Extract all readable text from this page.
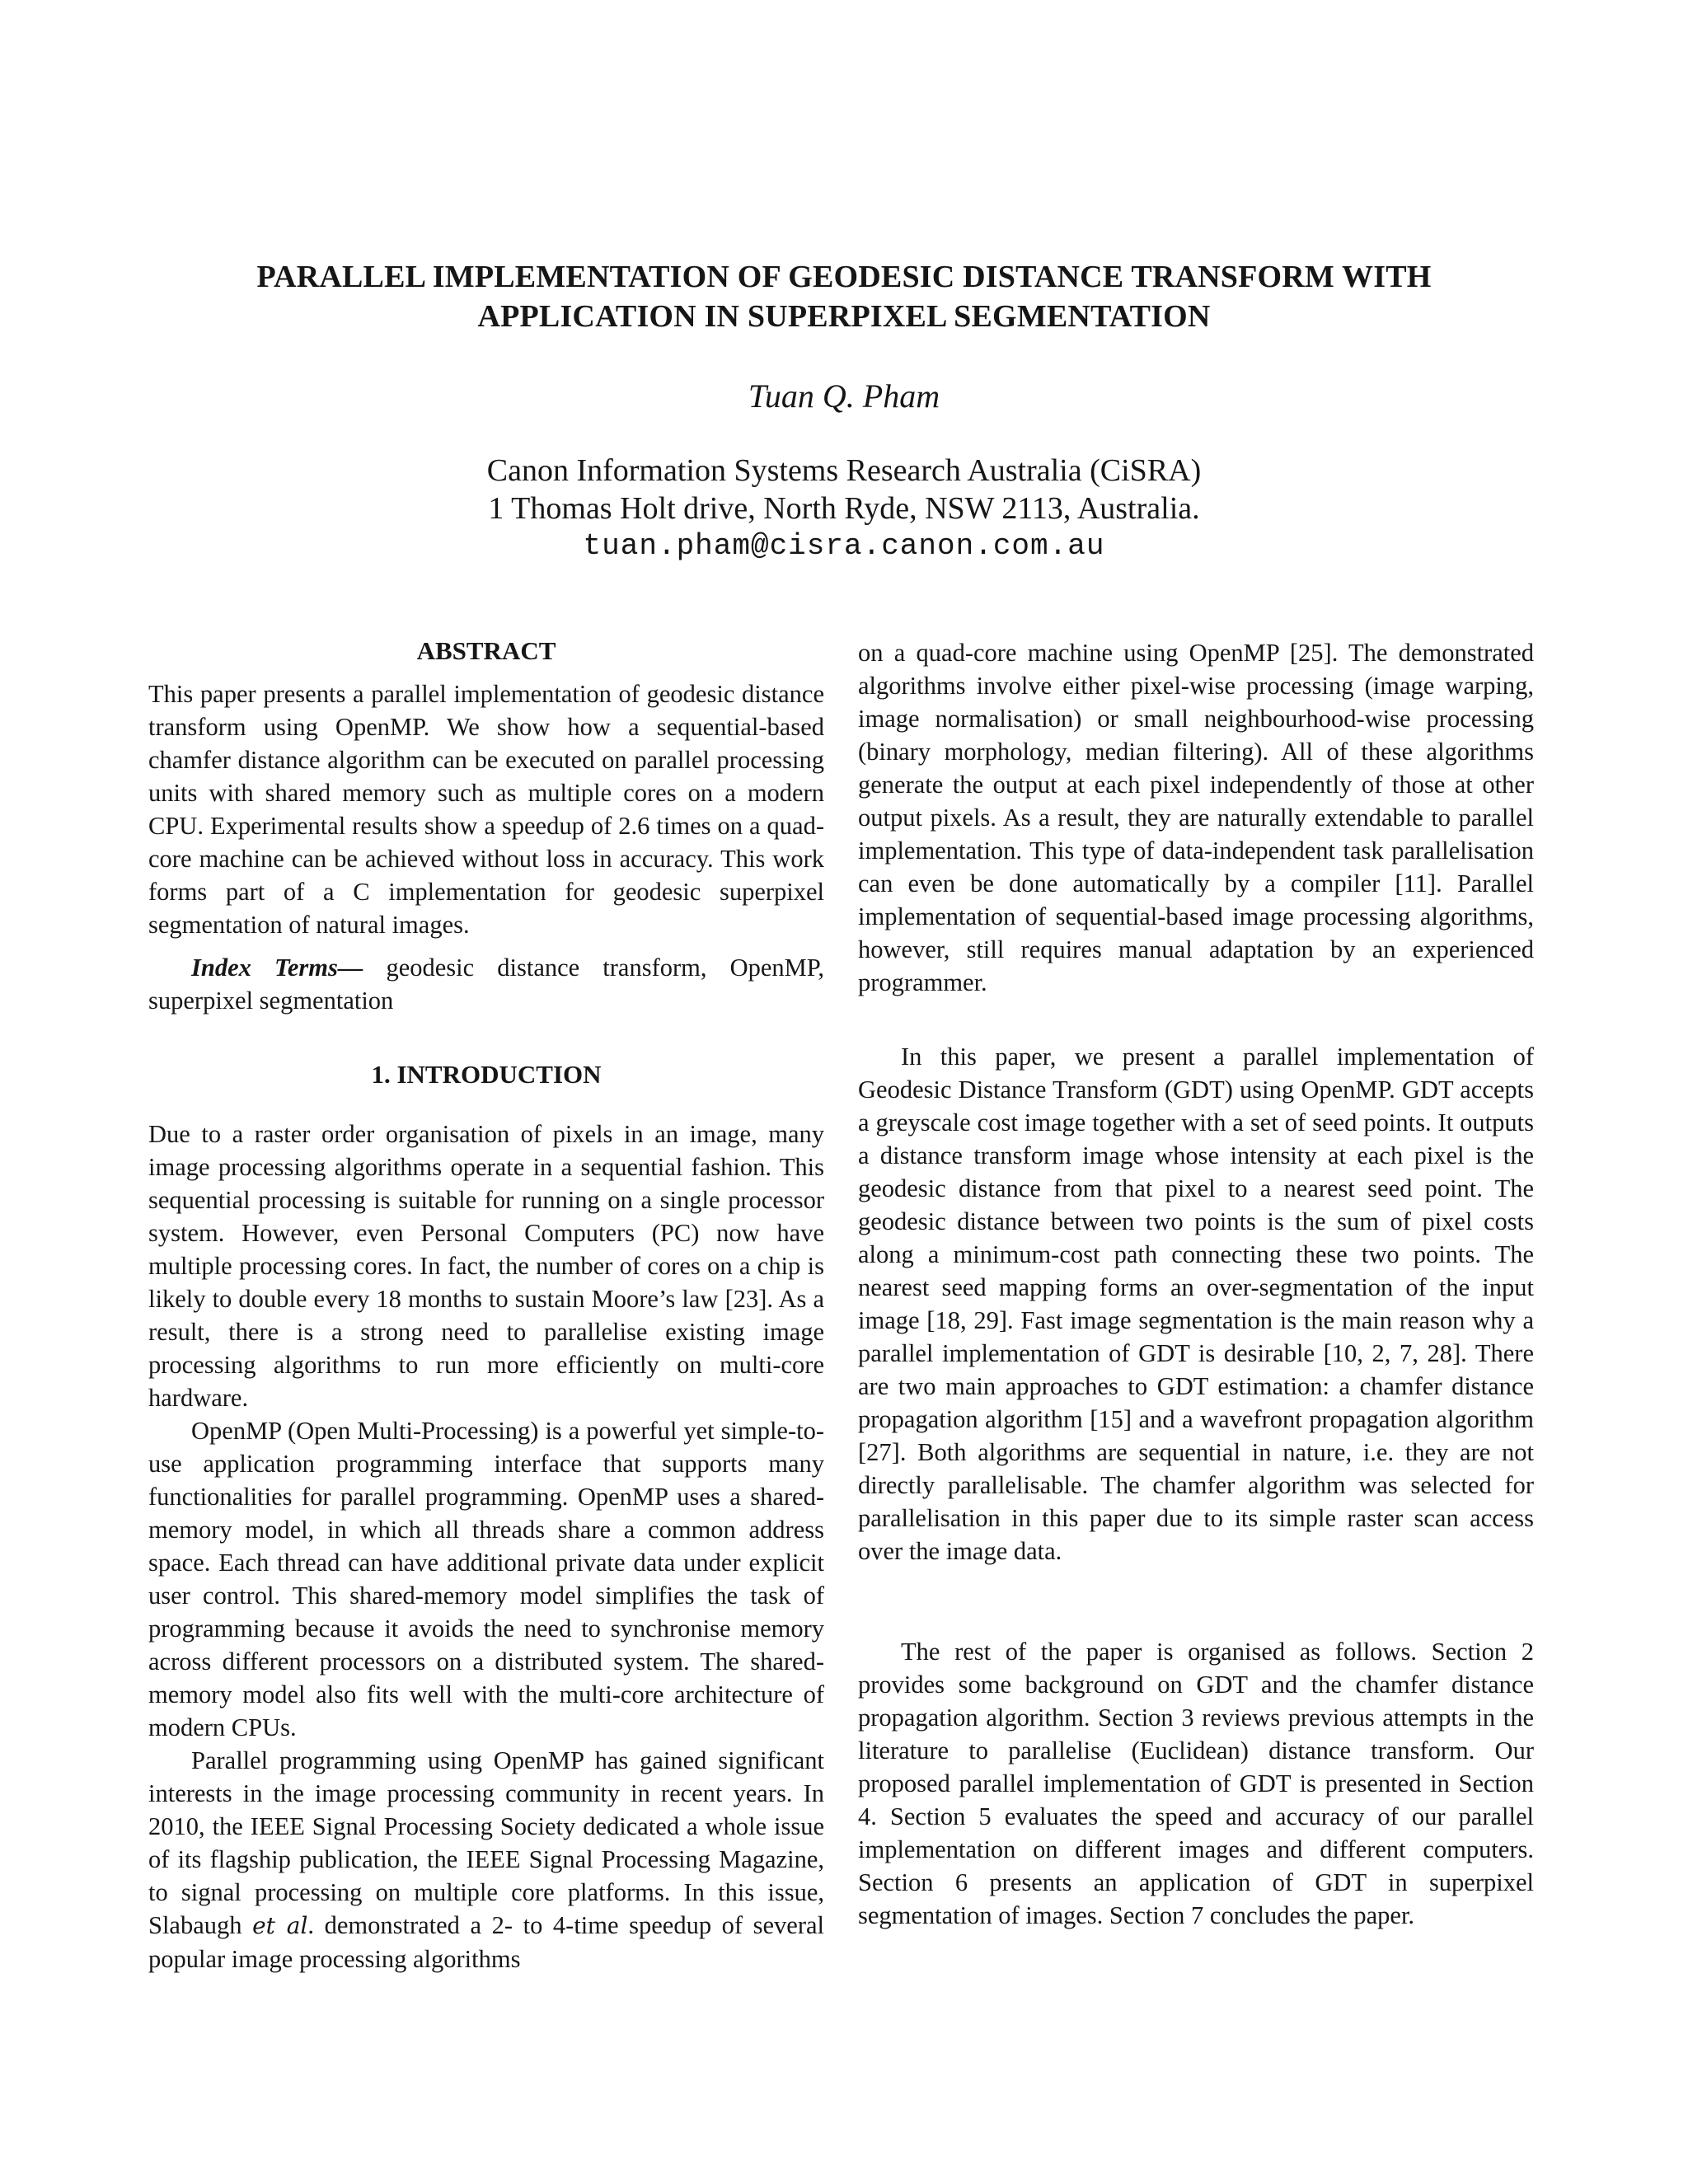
PARALLEL IMPLEMENTATION OF GEODESIC DISTANCE TRANSFORM WITH
APPLICATION IN SUPERPIXEL SEGMENTATION
Tuan Q. Pham
Canon Information Systems Research Australia (CiSRA)
1 Thomas Holt drive, North Ryde, NSW 2113, Australia.
tuan.pham@cisra.canon.com.au
ABSTRACT

This paper presents a parallel implementation of geodesic distance transform using OpenMP. We show how a sequential-based chamfer distance algorithm can be executed on parallel processing units with shared memory such as multiple cores on a modern CPU. Experimental results show a speedup of 2.6 times on a quad-core machine can be achieved without loss in accuracy. This work forms part of a C implementation for geodesic superpixel segmentation of natural images.

Index Terms— geodesic distance transform, OpenMP, superpixel segmentation

1. INTRODUCTION

Due to a raster order organisation of pixels in an image, many image processing algorithms operate in a sequential fashion. This sequential processing is suitable for running on a single processor system. However, even Personal Computers (PC) now have multiple processing cores. In fact, the number of cores on a chip is likely to double every 18 months to sustain Moore’s law [23]. As a result, there is a strong need to parallelise existing image processing algorithms to run more efficiently on multi-core hardware.

OpenMP (Open Multi-Processing) is a powerful yet simple-to-use application programming interface that supports many functionalities for parallel programming. OpenMP uses a shared-memory model, in which all threads share a common address space. Each thread can have additional private data under explicit user control. This shared-memory model simplifies the task of programming because it avoids the need to synchronise memory across different processors on a distributed system. The shared-memory model also fits well with the multi-core architecture of modern CPUs.

Parallel programming using OpenMP has gained significant interests in the image processing community in recent years. In 2010, the IEEE Signal Processing Society dedicated a whole issue of its flagship publication, the IEEE Signal Processing Magazine, to signal processing on multiple core platforms. In this issue, Slabaugh et al. demonstrated a 2- to 4-time speedup of several popular image processing algorithms

on a quad-core machine using OpenMP [25]. The demonstrated algorithms involve either pixel-wise processing (image warping, image normalisation) or small neighbourhood-wise processing (binary morphology, median filtering). All of these algorithms generate the output at each pixel independently of those at other output pixels. As a result, they are naturally extendable to parallel implementation. This type of data-independent task parallelisation can even be done automatically by a compiler [11]. Parallel implementation of sequential-based image processing algorithms, however, still requires manual adaptation by an experienced programmer.

In this paper, we present a parallel implementation of Geodesic Distance Transform (GDT) using OpenMP. GDT accepts a greyscale cost image together with a set of seed points. It outputs a distance transform image whose intensity at each pixel is the geodesic distance from that pixel to a nearest seed point. The geodesic distance between two points is the sum of pixel costs along a minimum-cost path connecting these two points. The nearest seed mapping forms an over-segmentation of the input image [18, 29]. Fast image segmentation is the main reason why a parallel implementation of GDT is desirable [10, 2, 7, 28]. There are two main approaches to GDT estimation: a chamfer distance propagation algorithm [15] and a wavefront propagation algorithm [27]. Both algorithms are sequential in nature, i.e. they are not directly parallelisable. The chamfer algorithm was selected for parallelisation in this paper due to its simple raster scan access over the image data.

The rest of the paper is organised as follows. Section 2 provides some background on GDT and the chamfer distance propagation algorithm. Section 3 reviews previous attempts in the literature to parallelise (Euclidean) distance transform. Our proposed parallel implementation of GDT is presented in Section 4. Section 5 evaluates the speed and accuracy of our parallel implementation on different images and different computers. Section 6 presents an application of GDT in superpixel segmentation of images. Section 7 concludes the paper.
